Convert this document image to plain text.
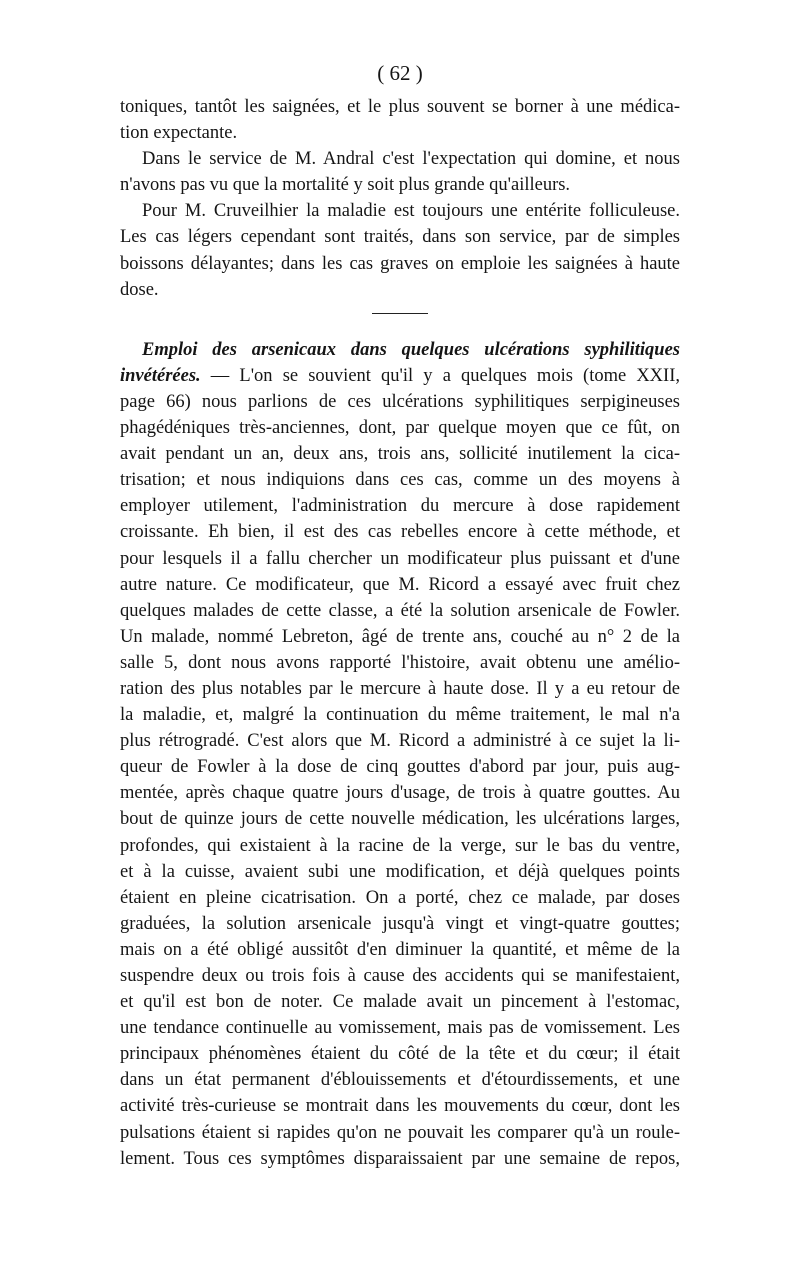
( 62 )
toniques, tantôt les saignées, et le plus souvent se borner à une médica-
tion expectante.
Dans le service de M. Andral c'est l'expectation qui domine, et nous
n'avons pas vu que la mortalité y soit plus grande qu'ailleurs.
Pour M. Cruveilhier la maladie est toujours une entérite folliculeuse.
Les cas légers cependant sont traités, dans son service, par de simples
boissons délayantes; dans les cas graves on emploie les saignées à haute
dose.
Emploi des arsenicaux dans quelques ulcérations syphilitiques
invétérées. — L'on se souvient qu'il y a quelques mois (tome XXII,
page 66) nous parlions de ces ulcérations syphilitiques serpigineuses
phagédéniques très-anciennes, dont, par quelque moyen que ce fût, on
avait pendant un an, deux ans, trois ans, sollicité inutilement la cica-
trisation; et nous indiquions dans ces cas, comme un des moyens à
employer utilement, l'administration du mercure à dose rapidement
croissante. Eh bien, il est des cas rebelles encore à cette méthode, et
pour lesquels il a fallu chercher un modificateur plus puissant et d'une
autre nature. Ce modificateur, que M. Ricord a essayé avec fruit chez
quelques malades de cette classe, a été la solution arsenicale de Fowler.
Un malade, nommé Lebreton, âgé de trente ans, couché au n° 2 de la
salle 5, dont nous avons rapporté l'histoire, avait obtenu une amélio-
ration des plus notables par le mercure à haute dose. Il y a eu retour de
la maladie, et, malgré la continuation du même traitement, le mal n'a
plus rétrogradé. C'est alors que M. Ricord a administré à ce sujet la li-
queur de Fowler à la dose de cinq gouttes d'abord par jour, puis aug-
mentée, après chaque quatre jours d'usage, de trois à quatre gouttes. Au
bout de quinze jours de cette nouvelle médication, les ulcérations larges,
profondes, qui existaient à la racine de la verge, sur le bas du ventre,
et à la cuisse, avaient subi une modification, et déjà quelques points
étaient en pleine cicatrisation. On a porté, chez ce malade, par doses
graduées, la solution arsenicale jusqu'à vingt et vingt-quatre gouttes;
mais on a été obligé aussitôt d'en diminuer la quantité, et même de la
suspendre deux ou trois fois à cause des accidents qui se manifestaient,
et qu'il est bon de noter. Ce malade avait un pincement à l'estomac,
une tendance continuelle au vomissement, mais pas de vomissement. Les
principaux phénomènes étaient du côté de la tête et du cœur; il était
dans un état permanent d'éblouissements et d'étourdissements, et une
activité très-curieuse se montrait dans les mouvements du cœur, dont les
pulsations étaient si rapides qu'on ne pouvait les comparer qu'à un roule-
lement. Tous ces symptômes disparaissaient par une semaine de repos,
